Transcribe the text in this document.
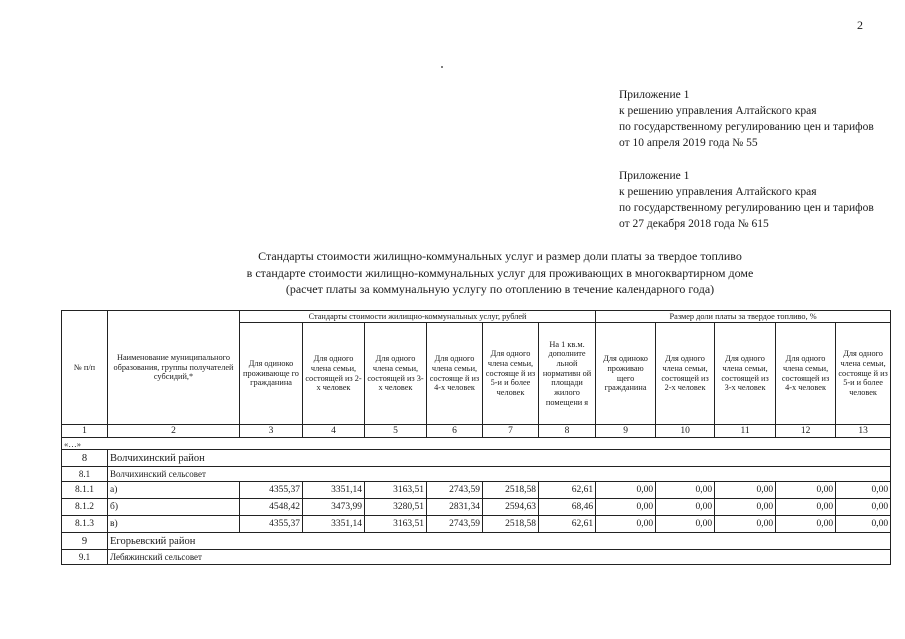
2
Приложение 1
к решению управления Алтайского края
по государственному регулированию цен и тарифов
от 10 апреля 2019 года № 55
Приложение 1
к решению управления Алтайского края
по государственному регулированию цен и тарифов
от 27 декабря 2018 года № 615
Стандарты стоимости жилищно-коммунальных услуг и размер доли платы за твердое топливо
в стандарте стоимости жилищно-коммунальных услуг для проживающих в многоквартирном доме
(расчет платы за коммунальную услугу по отоплению в течение календарного года)
№ п/п	Наименование муниципального образования, группы получателей субсидий,*	Стандарты стоимости жилищно-коммунальных услуг, рублей						Размер доли платы за твердое топливо, %				
		Для одиноко проживающе го гражданина	Для одного члена семьи, состоящей из 2-х человек	Для одного члена семьи, состоящей из 3-х человек	Для одного члена семьи, состояще й из 4-х человек	Для одного члена семьи, состояще й из 5-и и более человек	На 1 кв.м. дополните льной нормативн ой площади жилого помещени я	Для одиноко проживаю щего гражданина	Для одного члена семьи, состоящей из 2-х человек	Для одного члена семьи, состоящей из 3-х человек	Для одного члена семьи, состоящей из 4-х человек	Для одного члена семьи, состояще й из 5-и и более человек
1	2	3	4	5	6	7	8	9	10	11	12	13
«…»												
8	Волчихинский район											
8.1	Волчихинский сельсовет											
8.1.1	а)	4355,37	3351,14	3163,51	2743,59	2518,58	62,61	0,00	0,00	0,00	0,00	0,00
8.1.2	б)	4548,42	3473,99	3280,51	2831,34	2594,63	68,46	0,00	0,00	0,00	0,00	0,00
8.1.3	в)	4355,37	3351,14	3163,51	2743,59	2518,58	62,61	0,00	0,00	0,00	0,00	0,00
9	Егорьевский район											
9.1	Лебяжинский сельсовет											
